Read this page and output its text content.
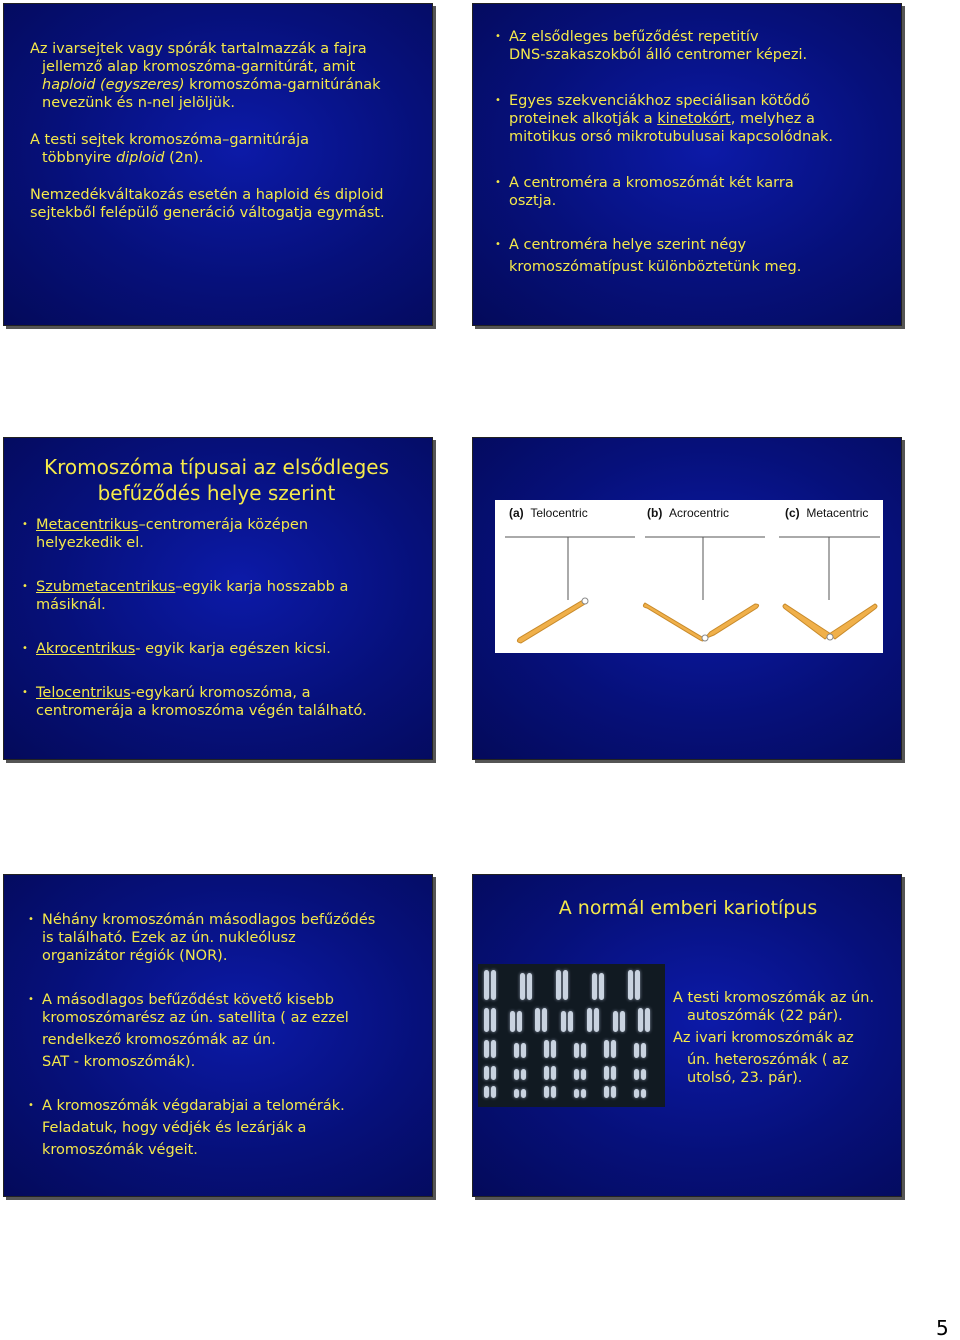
Az ivarsejtek vagy spórák tartalmazzák a fajra
jellemző alap kromoszóma-garnitúrát, amit
haploid (egyszeres) kromoszóma-garnitúrának
nevezünk és n-nel jelöljük.

A testi sejtek kromoszóma–garnitúrája
többnyire diploid (2n).

Nemzedékváltakozás esetén a haploid és diploid
sejtekből felépülő generáció váltogatja egymást.

• Az elsődleges befűződést repetitív
DNS-szakaszokból álló centromer képezi.
• Egyes szekvenciákhoz speciálisan kötődő
proteinek alkotják a kinetokórt, melyhez a
mitotikus orsó mikrotubulusai kapcsolódnak.
• A centroméra a kromoszómát két karra
osztja.
• A centroméra helye szerint négy
kromoszómatípust különböztetünk meg.
Kromoszóma típusai az elsődleges
befűződés helye szerint
• Metacentrikus–centromerája középen
helyezkedik el.
• Szubmetacentrikus–egyik karja hosszabb a
másiknál.
• Akrocentrikus- egyik karja egészen kicsi.
• Telocentrikus-egykarú kromoszóma, a
centromerája a kromoszóma végén található.
(a) Telocentric	(b) Acrocentric	(c) Metacentric
• Néhány kromoszómán másodlagos befűződés
is található. Ezek az ún. nukleólusz
organizátor régiók (NOR).
• A másodlagos befűződést követő kisebb
kromoszómarész az ún. satellita ( az ezzel
rendelkező kromoszómák az ún.
SAT - kromoszómák).
• A kromoszómák végdarabjai a telomérák.
Feladatuk, hogy védjék és lezárják a
kromoszómák végeit.
A normál emberi kariotípus
A testi kromoszómák az ún.
autoszómák (22 pár).
Az ivari kromoszómák az
ún. heteroszómák ( az
utolsó, 23. pár).
5
